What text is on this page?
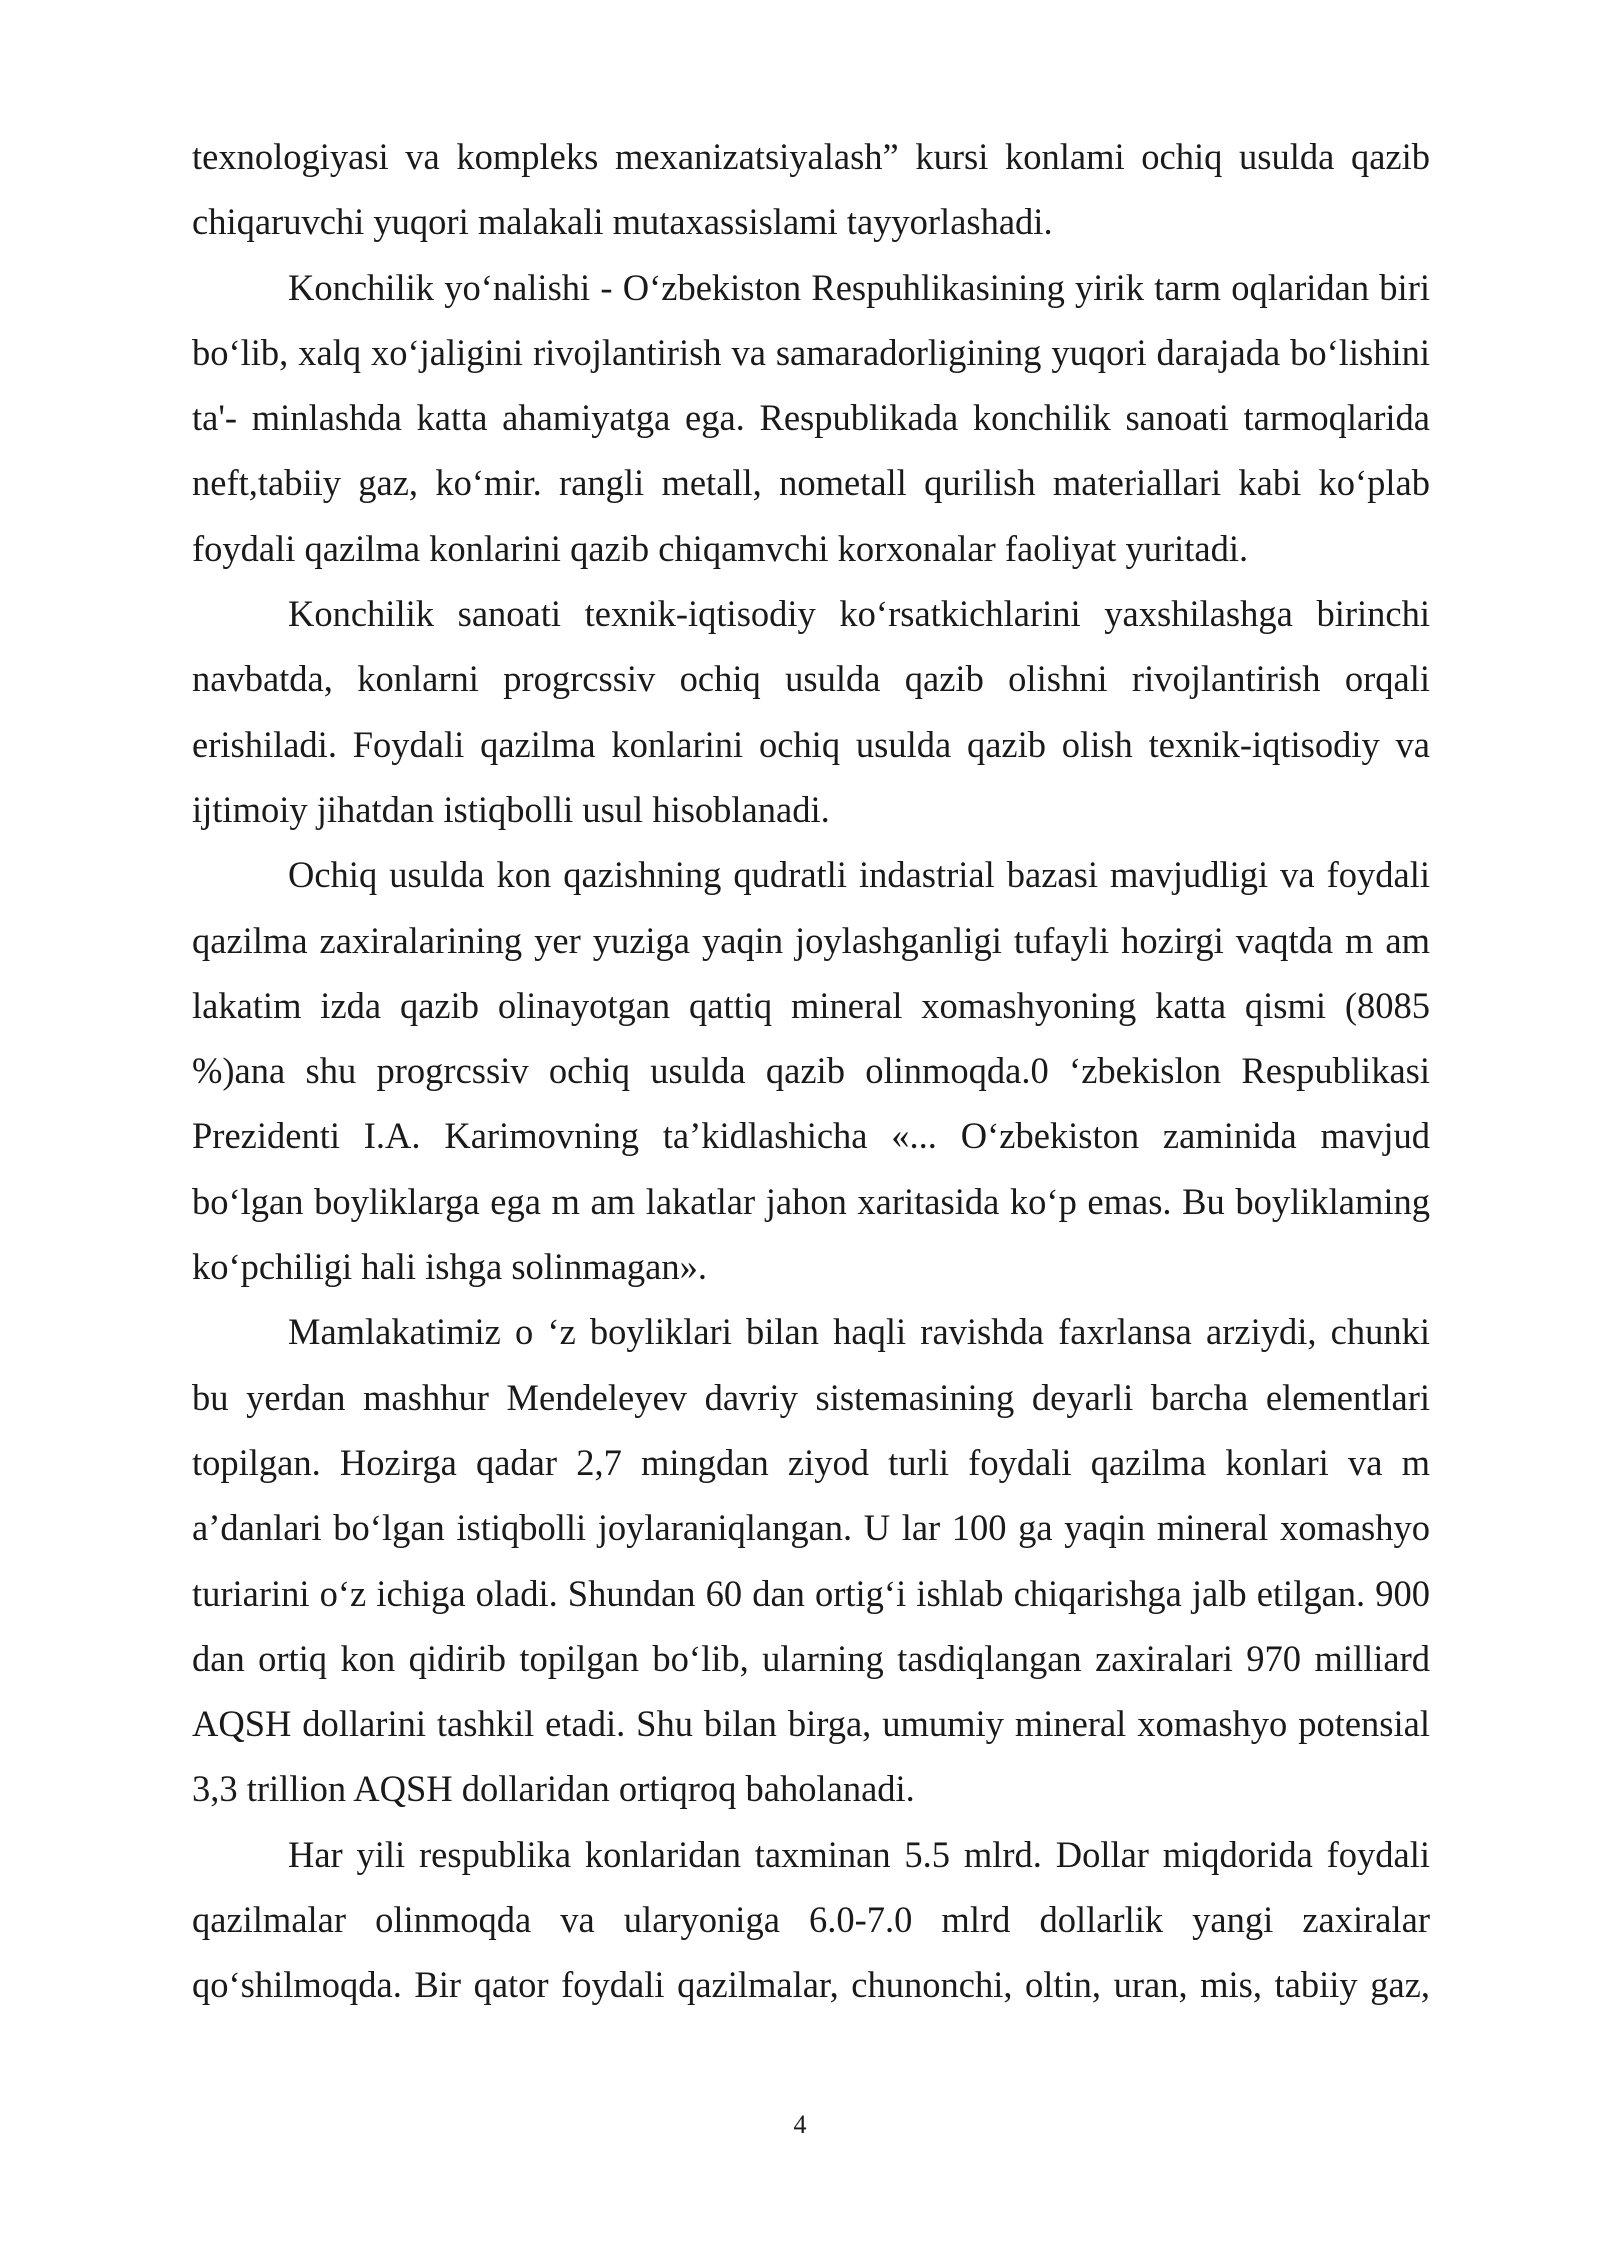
texnologiyasi va kompleks mexanizatsiyalash” kursi konlami ochiq usulda qazib chiqaruvchi yuqori malakali mutaxassislami tayyorlashadi.

Konchilik yo‘nalishi - O‘zbekiston Respuhlikasining yirik tarm oqlaridan biri bo‘lib, xalq xo‘jaligini rivojlantirish va samaradorligining yuqori darajada bo‘lishini ta'- minlashda katta ahamiyatga ega. Respublikada konchilik sanoati tarmoqlarida neft,tabiiy gaz, ko‘mir. rangli metall, nometall qurilish materiallari kabi ko‘plab foydali qazilma konlarini qazib chiqamvchi korxonalar faoliyat yuritadi.

Konchilik sanoati texnik-iqtisodiy ko‘rsatkichlarini yaxshilashga birinchi navbatda, konlarni progrcssiv ochiq usulda qazib olishni rivojlantirish orqali erishiladi. Foydali qazilma konlarini ochiq usulda qazib olish texnik-iqtisodiy va ijtimoiy jihatdan istiqbolli usul hisoblanadi.

Ochiq usulda kon qazishning qudratli indastrial bazasi mavjudligi va foydali qazilma zaxiralarining yer yuziga yaqin joylashganligi tufayli hozirgi vaqtda m am lakatim izda qazib olinayotgan qattiq mineral xomashyoning katta qismi (8085 %)ana shu progrcssiv ochiq usulda qazib olinmoqda.0 ‘zbekislon Respublikasi Prezidenti I.A. Karimovning ta’kidlashicha «... O‘zbekiston zaminida mavjud bo‘lgan boyliklarga ega m am lakatlar jahon xaritasida ko‘p emas. Bu boyliklaming ko‘pchiligi hali ishga solinmagan».

Mamlakatimiz o ‘z boyliklari bilan haqli ravishda faxrlansa arziydi, chunki bu yerdan mashhur Mendeleyev davriy sistemasining deyarli barcha elementlari topilgan. Hozirga qadar 2,7 mingdan ziyod turli foydali qazilma konlari va m a’danlari bo‘lgan istiqbolli joylaraniqlangan. U lar 100 ga yaqin mineral xomashyo turiarini o‘z ichiga oladi. Shundan 60 dan ortig‘i ishlab chiqarishga jalb etilgan. 900 dan ortiq kon qidirib topilgan bo‘lib, ularning tasdiqlangan zaxiralari 970 milliard AQSH dollarini tashkil etadi. Shu bilan birga, umumiy mineral xomashyo potensial 3,3 trillion AQSH dollaridan ortiqroq baholanadi.

Har yili respublika konlaridan taxminan 5.5 mlrd. Dollar miqdorida foydali qazilmalar olinmoqda va ularyoniga 6.0-7.0 mlrd dollarlik yangi zaxiralar qo‘shilmoqda. Bir qator foydali qazilmalar, chunonchi, oltin, uran, mis, tabiiy gaz,

4
